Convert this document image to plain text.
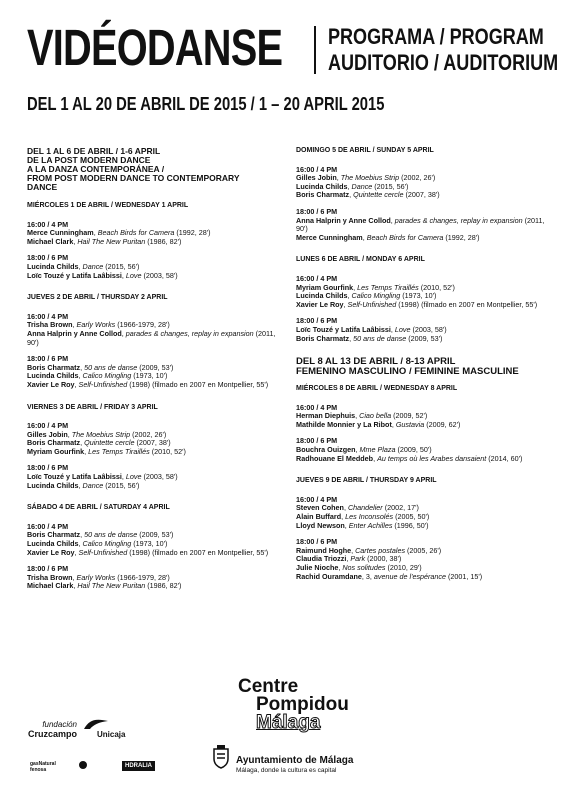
VIDÉODANSE PROGRAMA / PROGRAM
AUDITORIO / AUDITORIUM
DEL 1 AL 20 DE ABRIL DE 2015 / 1 – 20 APRIL 2015
DEL 1 AL 6 DE ABRIL / 1-6 APRIL
DE LA POST MODERN DANCE
A LA DANZA CONTEMPORÁNEA /
FROM POST MODERN DANCE TO CONTEMPORARY
DANCE
MIÉRCOLES 1 DE ABRIL / WEDNESDAY 1 APRIL
16:00 / 4 PM
Merce Cunningham, Beach Birds for Camera (1992, 28')
Michael Clark, Hail The New Puritan (1986, 82')
18:00 / 6 PM
Lucinda Childs, Dance (2015, 56')
Loïc Touzé y Latifa Laâbissi, Love (2003, 58')
JUEVES 2 DE ABRIL / THURSDAY 2 APRIL
16:00 / 4 PM
Trisha Brown, Early Works (1966-1979, 28')
Anna Halprin y Anne Collod, parades & changes, replay in expansion (2011, 90')
18:00 / 6 PM
Boris Charmatz, 50 ans de danse (2009, 53')
Lucinda Childs, Calico Mingling (1973, 10')
Xavier Le Roy, Self-Unfinished (1998) (filmado en 2007 en Montpellier, 55')
VIERNES 3 DE ABRIL / FRIDAY 3 APRIL
16:00 / 4 PM
Gilles Jobin, The Moebius Strip (2002, 26')
Boris Charmatz, Quintette cercle (2007, 38')
Myriam Gourfink, Les Temps Tiraillés (2010, 52')
18:00 / 6 PM
Loïc Touzé y Latifa Laâbissi, Love (2003, 58')
Lucinda Childs, Dance (2015, 56')
SÁBADO 4 DE ABRIL / SATURDAY 4 APRIL
16:00 / 4 PM
Boris Charmatz, 50 ans de danse (2009, 53')
Lucinda Childs, Calico Mingling (1973, 10')
Xavier Le Roy, Self-Unfinished (1998) (filmado en 2007 en Montpellier, 55')
18:00 / 6 PM
Trisha Brown, Early Works (1966-1979, 28')
Michael Clark, Hail The New Puritan (1986, 82')
DOMINGO 5 DE ABRIL / SUNDAY 5 APRIL
16:00 / 4 PM
Gilles Jobin, The Moebius Strip (2002, 26')
Lucinda Childs, Dance (2015, 56')
Boris Charmatz, Quintette cercle (2007, 38')
18:00 / 6 PM
Anna Halprin y Anne Collod, parades & changes, replay in expansion (2011, 90')
Merce Cunningham, Beach Birds for Camera (1992, 28')
LUNES 6 DE ABRIL / MONDAY 6 APRIL
16:00 / 4 PM
Myriam Gourfink, Les Temps Tiraillés (2010, 52')
Lucinda Childs, Calico Mingling (1973, 10')
Xavier Le Roy, Self-Unfinished (1998) (filmado en 2007 en Montpellier, 55')
18:00 / 6 PM
Loïc Touzé y Latifa Laâbissi, Love (2003, 58')
Boris Charmatz, 50 ans de danse (2009, 53')
DEL 8 AL 13 DE ABRIL / 8-13 APRIL
FEMENINO MASCULINO / FEMININE MASCULINE
MIÉRCOLES 8 DE ABRIL / WEDNESDAY 8 APRIL
16:00 / 4 PM
Herman Diephuis, Ciao bella (2009, 52')
Mathilde Monnier y La Ribot, Gustavia (2009, 62')
18:00 / 6 PM
Bouchra Ouizgen, Mme Plaza (2009, 50')
Radhouane El Meddeb, Au temps où les Arabes dansaient (2014, 60')
JUEVES 9 DE ABRIL / THURSDAY 9 APRIL
16:00 / 4 PM
Steven Cohen, Chandelier (2002, 17')
Alain Buffard, Les Inconsolés (2005, 50')
Lloyd Newson, Enter Achilles (1996, 50')
18:00 / 6 PM
Raimund Hoghe, Cartes postales (2005, 26')
Claudia Triozzi, Park (2000, 38')
Julie Nioche, Nos solitudes (2010, 29')
Rachid Ouramdane, 3, avenue de l'espérance (2001, 15')
Centre
Pompidou
Málaga
fundación
Cruzcampo Unicaja
gasNatural fenosa
HDRALIA	Ayuntamiento de Málaga
Málaga, donde la cultura es capital
